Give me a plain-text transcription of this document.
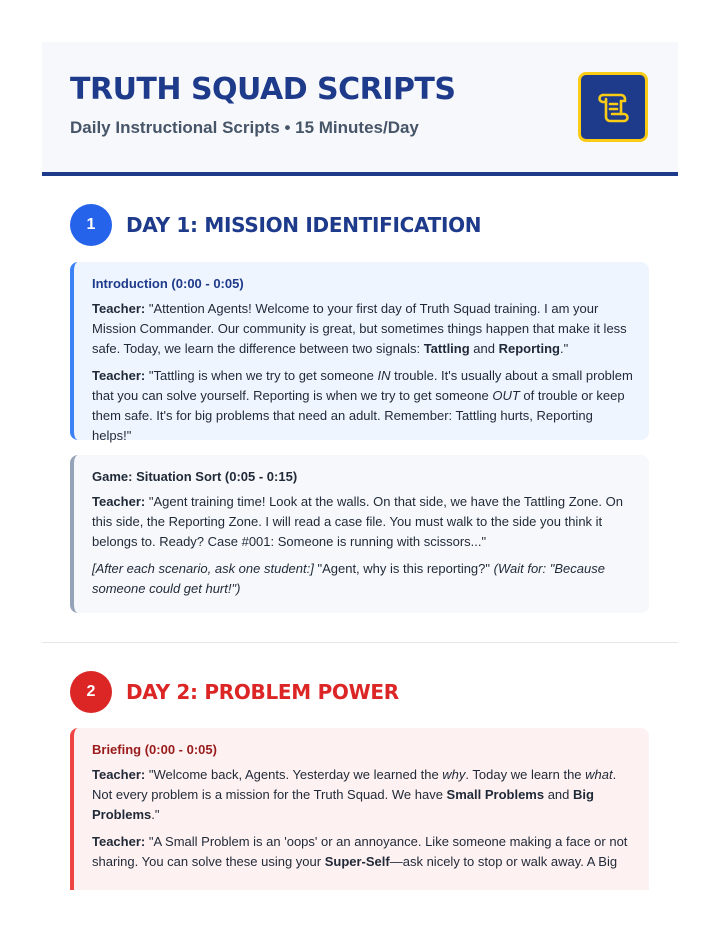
TRUTH SQUAD SCRIPTS
Daily Instructional Scripts • 15 Minutes/Day
1	DAY 1: MISSION IDENTIFICATION
Introduction (0:00 - 0:05)

Teacher: "Attention Agents! Welcome to your first day of Truth Squad training. I am your Mission Commander. Our community is great, but sometimes things happen that make it less safe. Today, we learn the difference between two signals: Tattling and Reporting."

Teacher: "Tattling is when we try to get someone IN trouble. It's usually about a small problem that you can solve yourself. Reporting is when we try to get someone OUT of trouble or keep them safe. It's for big problems that need an adult. Remember: Tattling hurts, Reporting helps!"

Game: Situation Sort (0:05 - 0:15)

Teacher: "Agent training time! Look at the walls. On that side, we have the Tattling Zone. On this side, the Reporting Zone. I will read a case file. You must walk to the side you think it belongs to. Ready? Case #001: Someone is running with scissors..."

[After each scenario, ask one student:] "Agent, why is this reporting?" (Wait for: "Because someone could get hurt!")

2	DAY 2: PROBLEM POWER
Briefing (0:00 - 0:05)

Teacher: "Welcome back, Agents. Yesterday we learned the why. Today we learn the what. Not every problem is a mission for the Truth Squad. We have Small Problems and Big Problems."

Teacher: "A Small Problem is an 'oops' or an annoyance. Like someone making a face or not sharing. You can solve these using your Super-Self—ask nicely to stop or walk away. A Big
